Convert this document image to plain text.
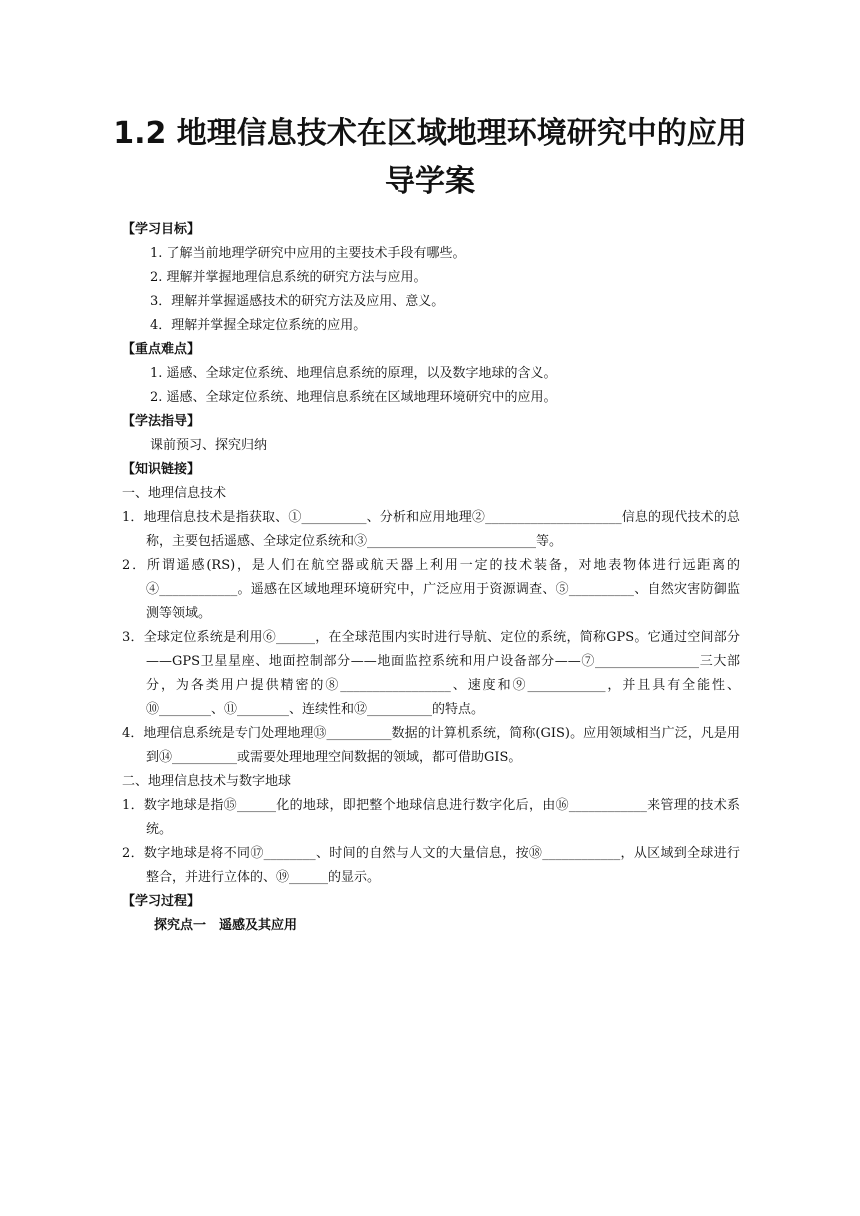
1.2 地理信息技术在区域地理环境研究中的应用 导学案

【学习目标】

1. 了解当前地理学研究中应用的主要技术手段有哪些。

2. 理解并掌握地理信息系统的研究方法与应用。

3．理解并掌握遥感技术的研究方法及应用、意义。

4．理解并掌握全球定位系统的应用。

【重点难点】

1. 遥感、全球定位系统、地理信息系统的原理，以及数字地球的含义。

2. 遥感、全球定位系统、地理信息系统在区域地理环境研究中的应用。

【学法指导】

课前预习、探究归纳

【知识链接】

一、地理信息技术

1．地理信息技术是指获取、①__________、分析和应用地理②_____________________信息的现代技术的总称，主要包括遥感、全球定位系统和③__________________________等。

2．所谓遥感(RS)，是人们在航空器或航天器上利用一定的技术装备，对地表物体进行远距离的④____________。遥感在区域地理环境研究中，广泛应用于资源调查、⑤__________、自然灾害防御监测等领域。

3．全球定位系统是利用⑥______，在全球范围内实时进行导航、定位的系统，简称GPS。它通过空间部分——GPS卫星星座、地面控制部分——地面监控系统和用户设备部分——⑦________________三大部分，为各类用户提供精密的⑧_________________、速度和⑨____________，并且具有全能性、⑩________、⑪________、连续性和⑫__________的特点。

4．地理信息系统是专门处理地理⑬__________数据的计算机系统，简称(GIS)。应用领域相当广泛，凡是用到⑭__________或需要处理地理空间数据的领域，都可借助GIS。

二、地理信息技术与数字地球

1．数字地球是指⑮______化的地球，即把整个地球信息进行数字化后，由⑯____________来管理的技术系统。

2．数字地球是将不同⑰________、时间的自然与人文的大量信息，按⑱____________，从区域到全球进行整合，并进行立体的、⑲______的显示。

【学习过程】

探究点一　遥感及其应用
